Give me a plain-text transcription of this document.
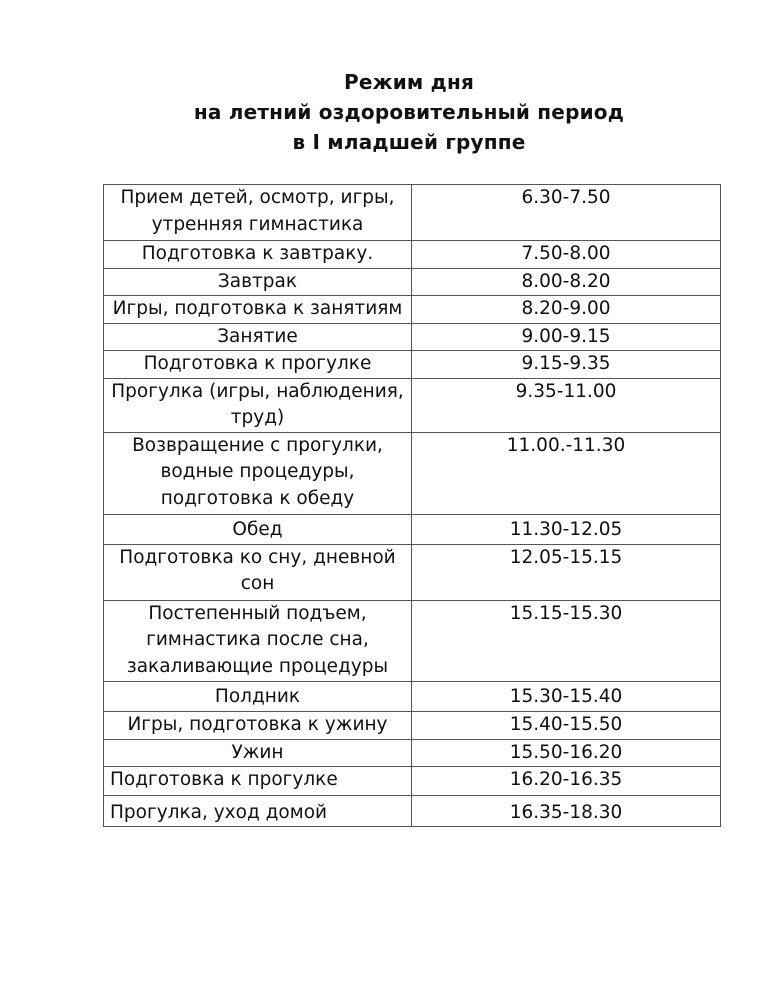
Режим дня
на летний оздоровительный период
в I младшей группе
Прием детей, осмотр, игры, утренняя гимнастика	6.30-7.50
Подготовка к завтраку.	7.50-8.00
Завтрак	8.00-8.20
Игры, подготовка к занятиям	8.20-9.00
Занятие	9.00-9.15
Подготовка к прогулке	9.15-9.35
Прогулка (игры, наблюдения, труд)	9.35-11.00
Возвращение с прогулки, водные процедуры, подготовка к обеду	11.00.-11.30
Обед	11.30-12.05
Подготовка ко сну, дневной сон	12.05-15.15
Постепенный подъем, гимнастика после сна, закаливающие процедуры	15.15-15.30
Полдник	15.30-15.40
Игры, подготовка к ужину	15.40-15.50
Ужин	15.50-16.20
Подготовка к прогулке	16.20-16.35
Прогулка, уход домой	16.35-18.30
